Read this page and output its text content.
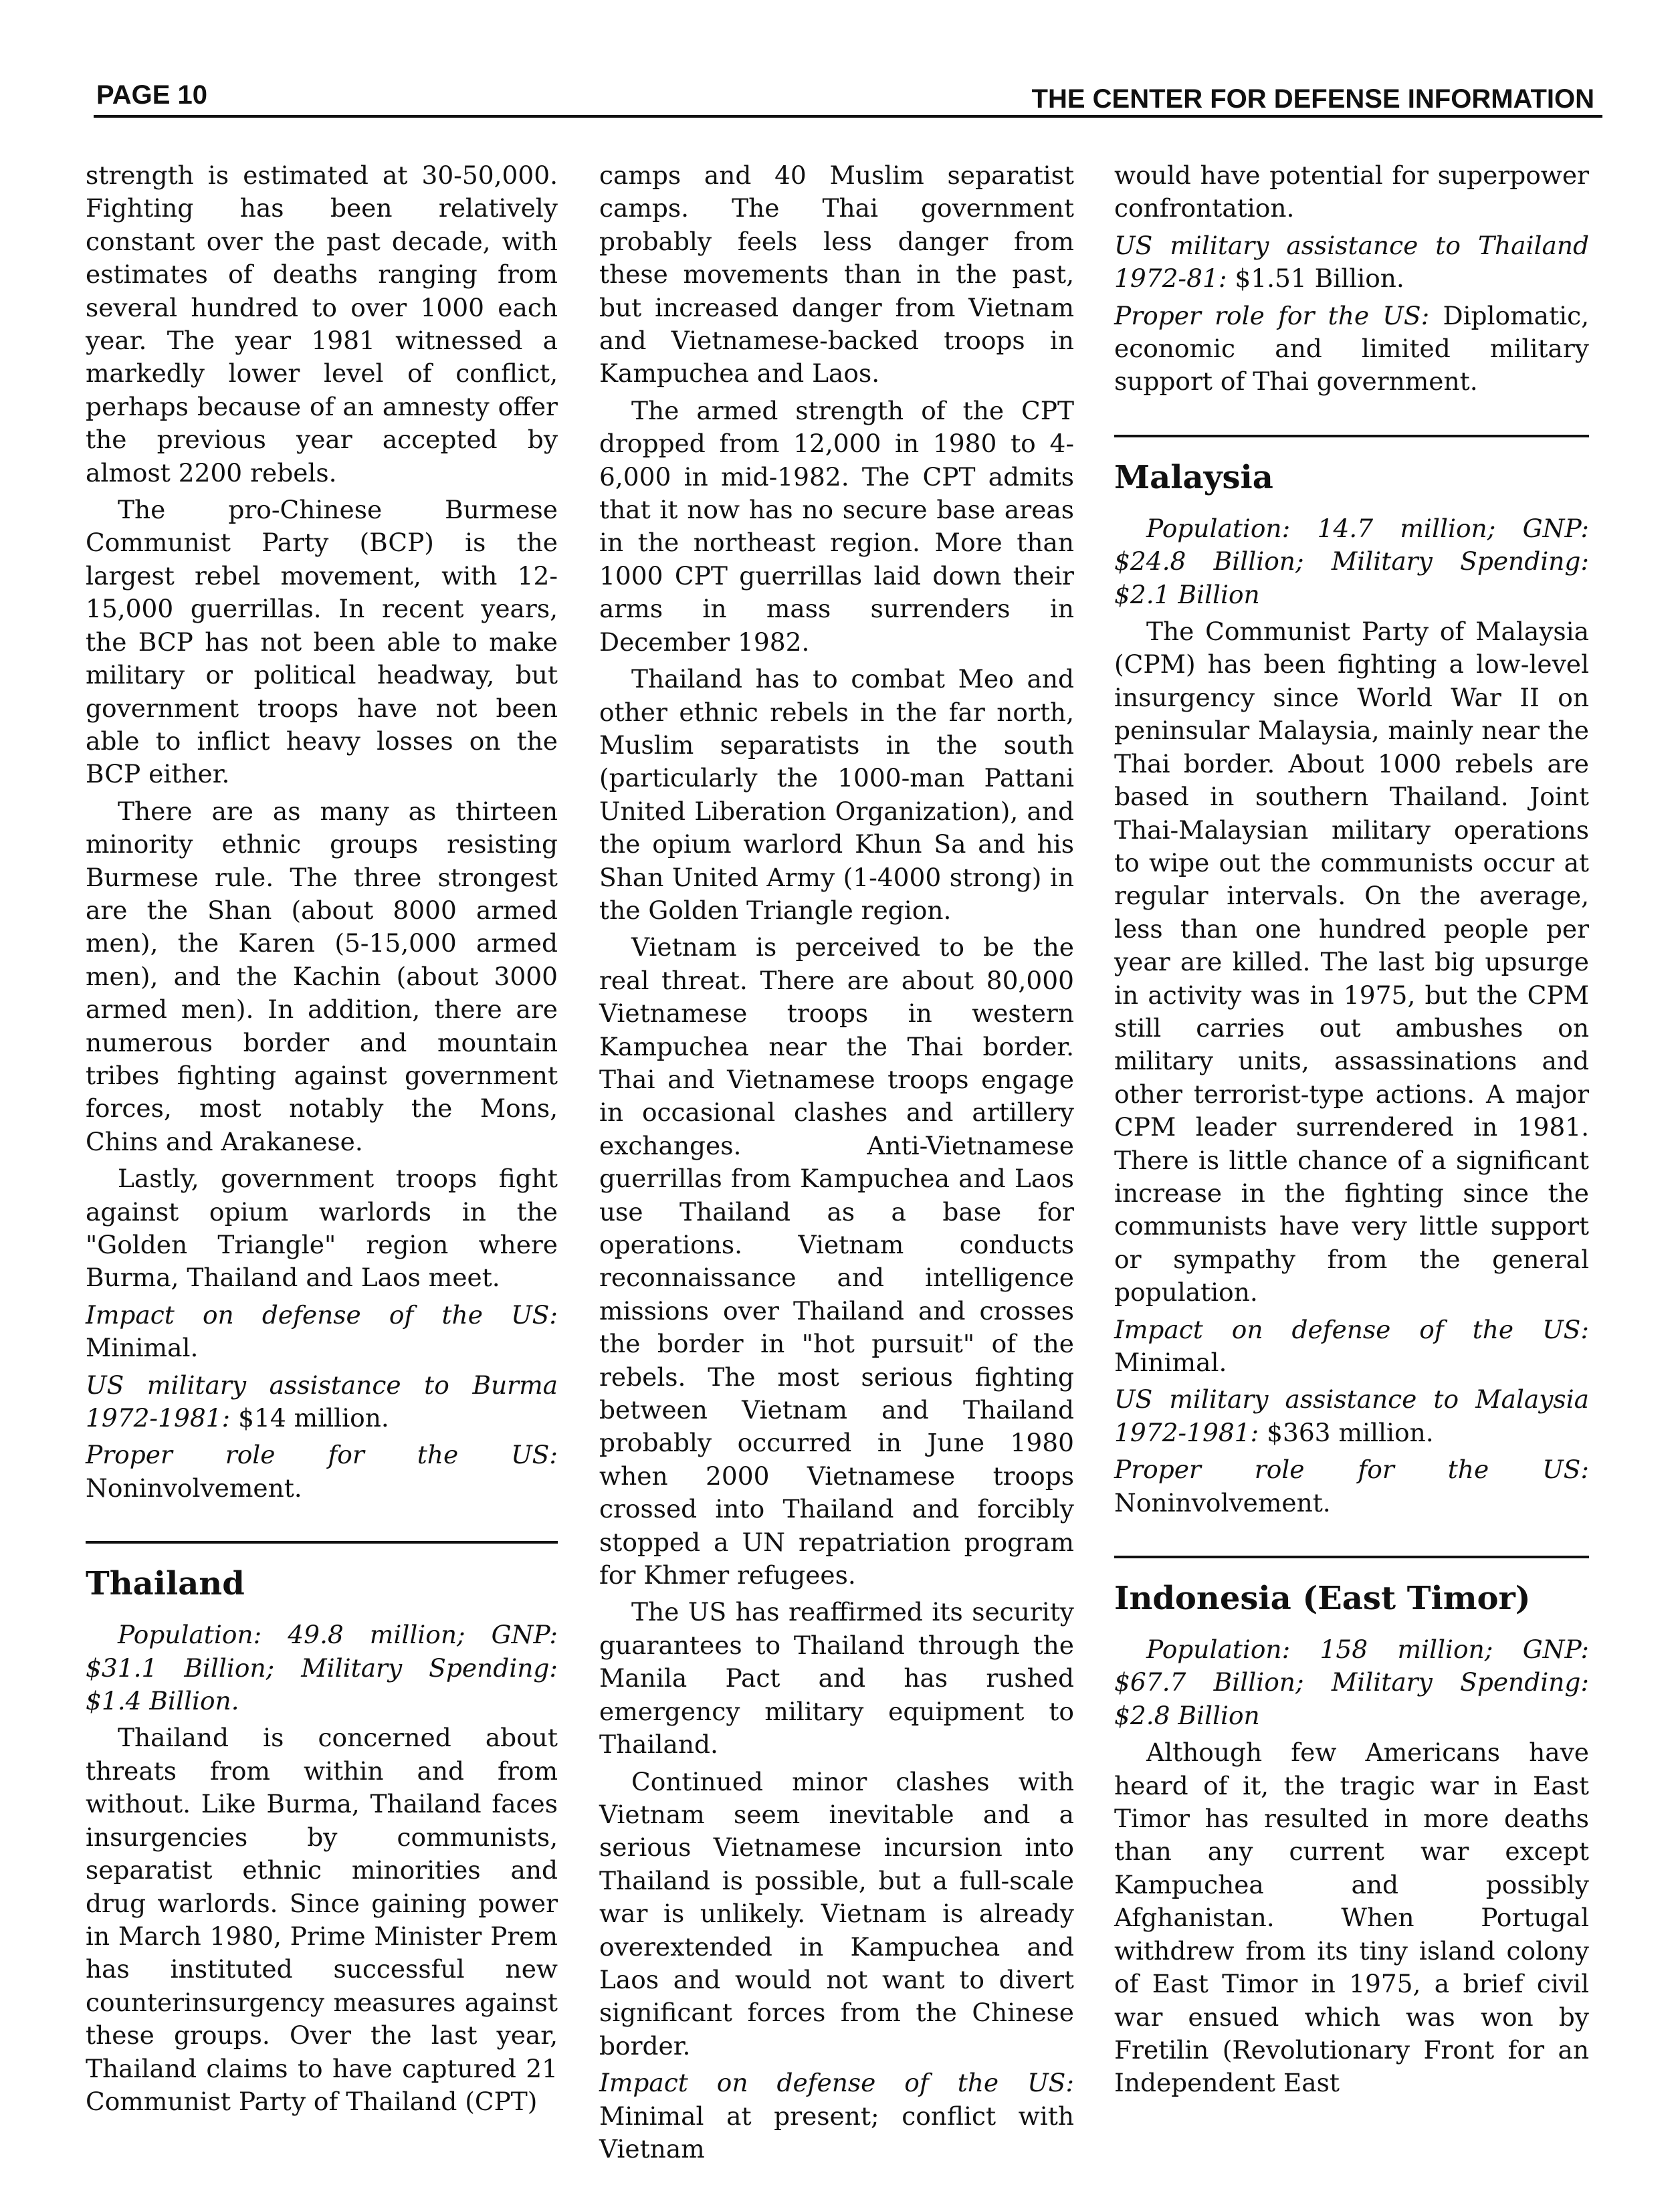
PAGE 10	THE CENTER FOR DEFENSE INFORMATION

strength is estimated at 30-50,000. Fighting has been relatively constant over the past decade, with estimates of deaths ranging from several hundred to over 1000 each year. The year 1981 witnessed a markedly lower level of conflict, perhaps because of an amnesty offer the previous year accepted by almost 2200 rebels.

The pro-Chinese Burmese Communist Party (BCP) is the largest rebel movement, with 12-15,000 guerrillas. In recent years, the BCP has not been able to make military or political headway, but government troops have not been able to inflict heavy losses on the BCP either.

There are as many as thirteen minority ethnic groups resisting Burmese rule. The three strongest are the Shan (about 8000 armed men), the Karen (5-15,000 armed men), and the Kachin (about 3000 armed men). In addition, there are numerous border and mountain tribes fighting against government forces, most notably the Mons, Chins and Arakanese.

Lastly, government troops fight against opium warlords in the "Golden Triangle" region where Burma, Thailand and Laos meet.

Impact on defense of the US: Minimal.

US military assistance to Burma 1972-1981: $14 million.

Proper role for the US: Noninvolvement.

Thailand

Population: 49.8 million; GNP: $31.1 Billion; Military Spending: $1.4 Billion.

Thailand is concerned about threats from within and from without. Like Burma, Thailand faces insurgencies by communists, separatist ethnic minorities and drug warlords. Since gaining power in March 1980, Prime Minister Prem has instituted successful new counterinsurgency measures against these groups. Over the last year, Thailand claims to have captured 21 Communist Party of Thailand (CPT)

camps and 40 Muslim separatist camps. The Thai government probably feels less danger from these movements than in the past, but increased danger from Vietnam and Vietnamese-backed troops in Kampuchea and Laos.

The armed strength of the CPT dropped from 12,000 in 1980 to 4-6,000 in mid-1982. The CPT admits that it now has no secure base areas in the northeast region. More than 1000 CPT guerrillas laid down their arms in mass surrenders in December 1982.

Thailand has to combat Meo and other ethnic rebels in the far north, Muslim separatists in the south (particularly the 1000-man Pattani United Liberation Organization), and the opium warlord Khun Sa and his Shan United Army (1-4000 strong) in the Golden Triangle region.

Vietnam is perceived to be the real threat. There are about 80,000 Vietnamese troops in western Kampuchea near the Thai border. Thai and Vietnamese troops engage in occasional clashes and artillery exchanges. Anti-Vietnamese guerrillas from Kampuchea and Laos use Thailand as a base for operations. Vietnam conducts reconnaissance and intelligence missions over Thailand and crosses the border in "hot pursuit" of the rebels. The most serious fighting between Vietnam and Thailand probably occurred in June 1980 when 2000 Vietnamese troops crossed into Thailand and forcibly stopped a UN repatriation program for Khmer refugees.

The US has reaffirmed its security guarantees to Thailand through the Manila Pact and has rushed emergency military equipment to Thailand.

Continued minor clashes with Vietnam seem inevitable and a serious Vietnamese incursion into Thailand is possible, but a full-scale war is unlikely. Vietnam is already overextended in Kampuchea and Laos and would not want to divert significant forces from the Chinese border.

Impact on defense of the US: Minimal at present; conflict with Vietnam

would have potential for superpower confrontation.

US military assistance to Thailand 1972-81: $1.51 Billion.

Proper role for the US: Diplomatic, economic and limited military support of Thai government.

Malaysia

Population: 14.7 million; GNP: $24.8 Billion; Military Spending: $2.1 Billion

The Communist Party of Malaysia (CPM) has been fighting a low-level insurgency since World War II on peninsular Malaysia, mainly near the Thai border. About 1000 rebels are based in southern Thailand. Joint Thai-Malaysian military operations to wipe out the communists occur at regular intervals. On the average, less than one hundred people per year are killed. The last big upsurge in activity was in 1975, but the CPM still carries out ambushes on military units, assassinations and other terrorist-type actions. A major CPM leader surrendered in 1981. There is little chance of a significant increase in the fighting since the communists have very little support or sympathy from the general population.

Impact on defense of the US: Minimal.

US military assistance to Malaysia 1972-1981: $363 million.

Proper role for the US: Noninvolvement.

Indonesia (East Timor)

Population: 158 million; GNP: $67.7 Billion; Military Spending: $2.8 Billion

Although few Americans have heard of it, the tragic war in East Timor has resulted in more deaths than any current war except Kampuchea and possibly Afghanistan. When Portugal withdrew from its tiny island colony of East Timor in 1975, a brief civil war ensued which was won by Fretilin (Revolutionary Front for an Independent East
